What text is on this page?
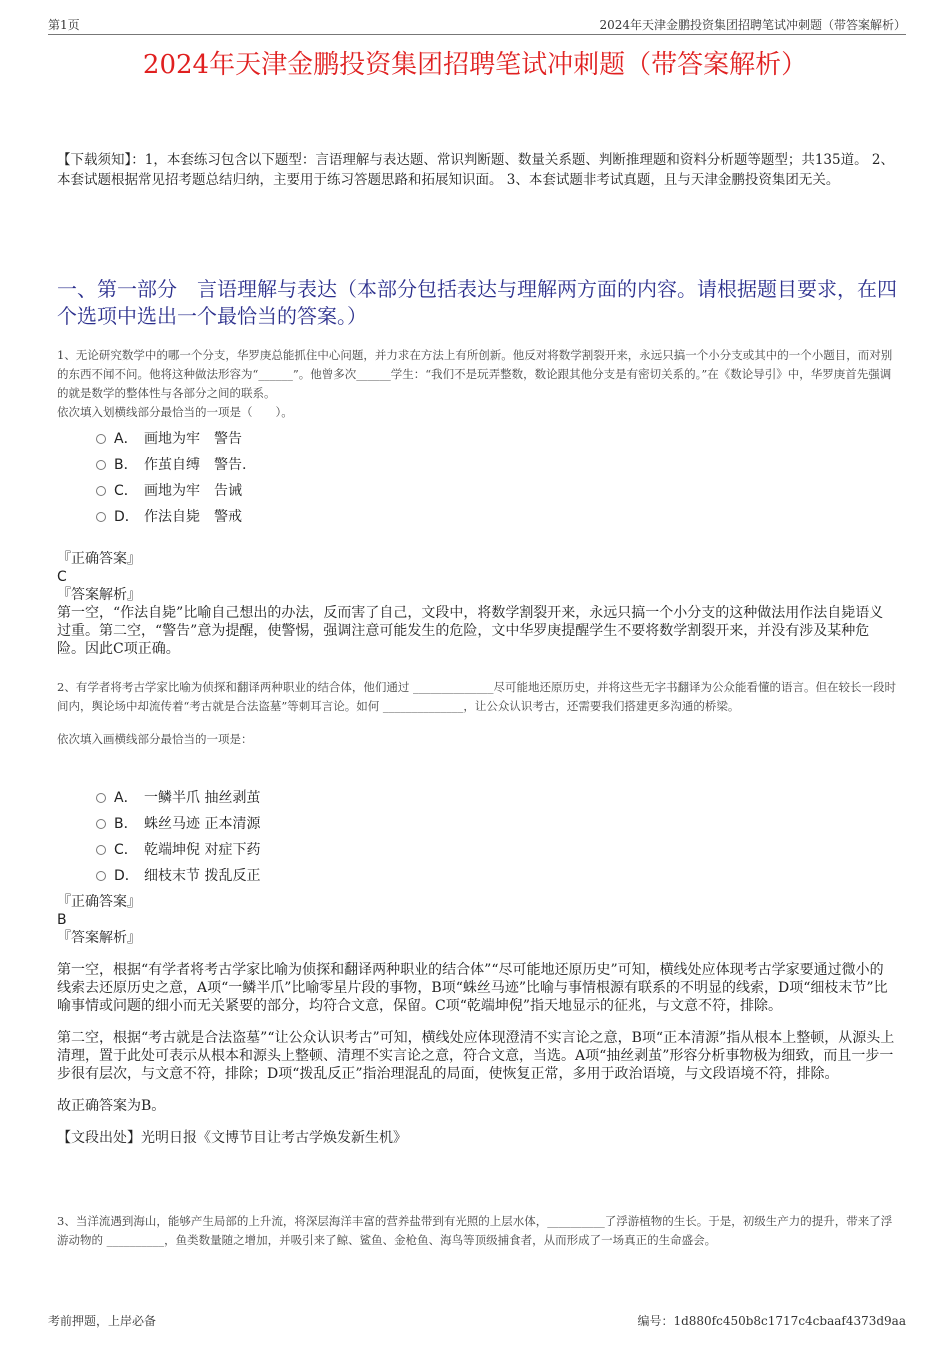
第1页	2024年天津金鹏投资集团招聘笔试冲刺题（带答案解析）
2024年天津金鹏投资集团招聘笔试冲刺题（带答案解析）
【下载须知】：1，本套练习包含以下题型：言语理解与表达题、常识判断题、数量关系题、判断推理题和资料分析题等题型；共135道。 2、本套试题根据常见招考题总结归纳，主要用于练习答题思路和拓展知识面。 3、本套试题非考试真题，且与天津金鹏投资集团无关。
一、第一部分　言语理解与表达（本部分包括表达与理解两方面的内容。请根据题目要求，在四个选项中选出一个最恰当的答案。）
1、无论研究数学中的哪一个分支，华罗庚总能抓住中心问题，并力求在方法上有所创新。他反对将数学割裂开来，永远只搞一个小分支或其中的一个小题目，而对别的东西不闻不问。他将这种做法形容为“______”。他曾多次______学生：“我们不是玩弄整数，数论跟其他分支是有密切关系的。”在《数论导引》中，华罗庚首先强调的就是数学的整体性与各部分之间的联系。
依次填入划横线部分最恰当的一项是（　　）。
A． 画地为牢　警告
B． 作茧自缚　警告.
C． 画地为牢　告诫
D． 作法自毙　警戒

『正确答案』

C

『答案解析』

第一空，“作法自毙”比喻自己想出的办法，反而害了自己，文段中，将数学割裂开来，永远只搞一个小分支的这种做法用作法自毙语义过重。第二空，“警告”意为提醒，使警惕，强调注意可能发生的危险，文中华罗庚提醒学生不要将数学割裂开来，并没有涉及某种危险。因此C项正确。

2、有学者将考古学家比喻为侦探和翻译两种职业的结合体，他们通过 ______________尽可能地还原历史，并将这些无字书翻译为公众能看懂的语言。但在较长一段时间内，舆论场中却流传着“考古就是合法盗墓”等刺耳言论。如何 ______________，让公众认识考古，还需要我们搭建更多沟通的桥梁。
依次填入画横线部分最恰当的一项是：
A． 一鳞半爪 抽丝剥茧
B． 蛛丝马迹 正本清源
C． 乾端坤倪 对症下药
D． 细枝末节 拨乱反正

『正确答案』

B

『答案解析』

第一空，根据“有学者将考古学家比喻为侦探和翻译两种职业的结合体”“尽可能地还原历史”可知，横线处应体现考古学家要通过微小的线索去还原历史之意，A项“一鳞半爪”比喻零星片段的事物，B项“蛛丝马迹”比喻与事情根源有联系的不明显的线索，D项“细枝末节”比喻事情或问题的细小而无关紧要的部分，均符合文意，保留。C项“乾端坤倪”指天地显示的征兆，与文意不符，排除。

第二空，根据“考古就是合法盗墓”“让公众认识考古”可知，横线处应体现澄清不实言论之意，B项“正本清源”指从根本上整顿，从源头上清理，置于此处可表示从根本和源头上整顿、清理不实言论之意，符合文意，当选。A项“抽丝剥茧”形容分析事物极为细致，而且一步一步很有层次，与文意不符，排除；D项“拨乱反正”指治理混乱的局面，使恢复正常，多用于政治语境，与文段语境不符，排除。

故正确答案为B。

【文段出处】光明日报《文博节目让考古学焕发新生机》

3、当洋流遇到海山，能够产生局部的上升流，将深层海洋丰富的营养盐带到有光照的上层水体，__________了浮游植物的生长。于是，初级生产力的提升，带来了浮游动物的 __________，鱼类数量随之增加，并吸引来了鲸、鲨鱼、金枪鱼、海鸟等顶级捕食者，从而形成了一场真正的生命盛会。
考前押题，上岸必备	编号：1d880fc450b8c1717c4cbaaf4373d9aa
